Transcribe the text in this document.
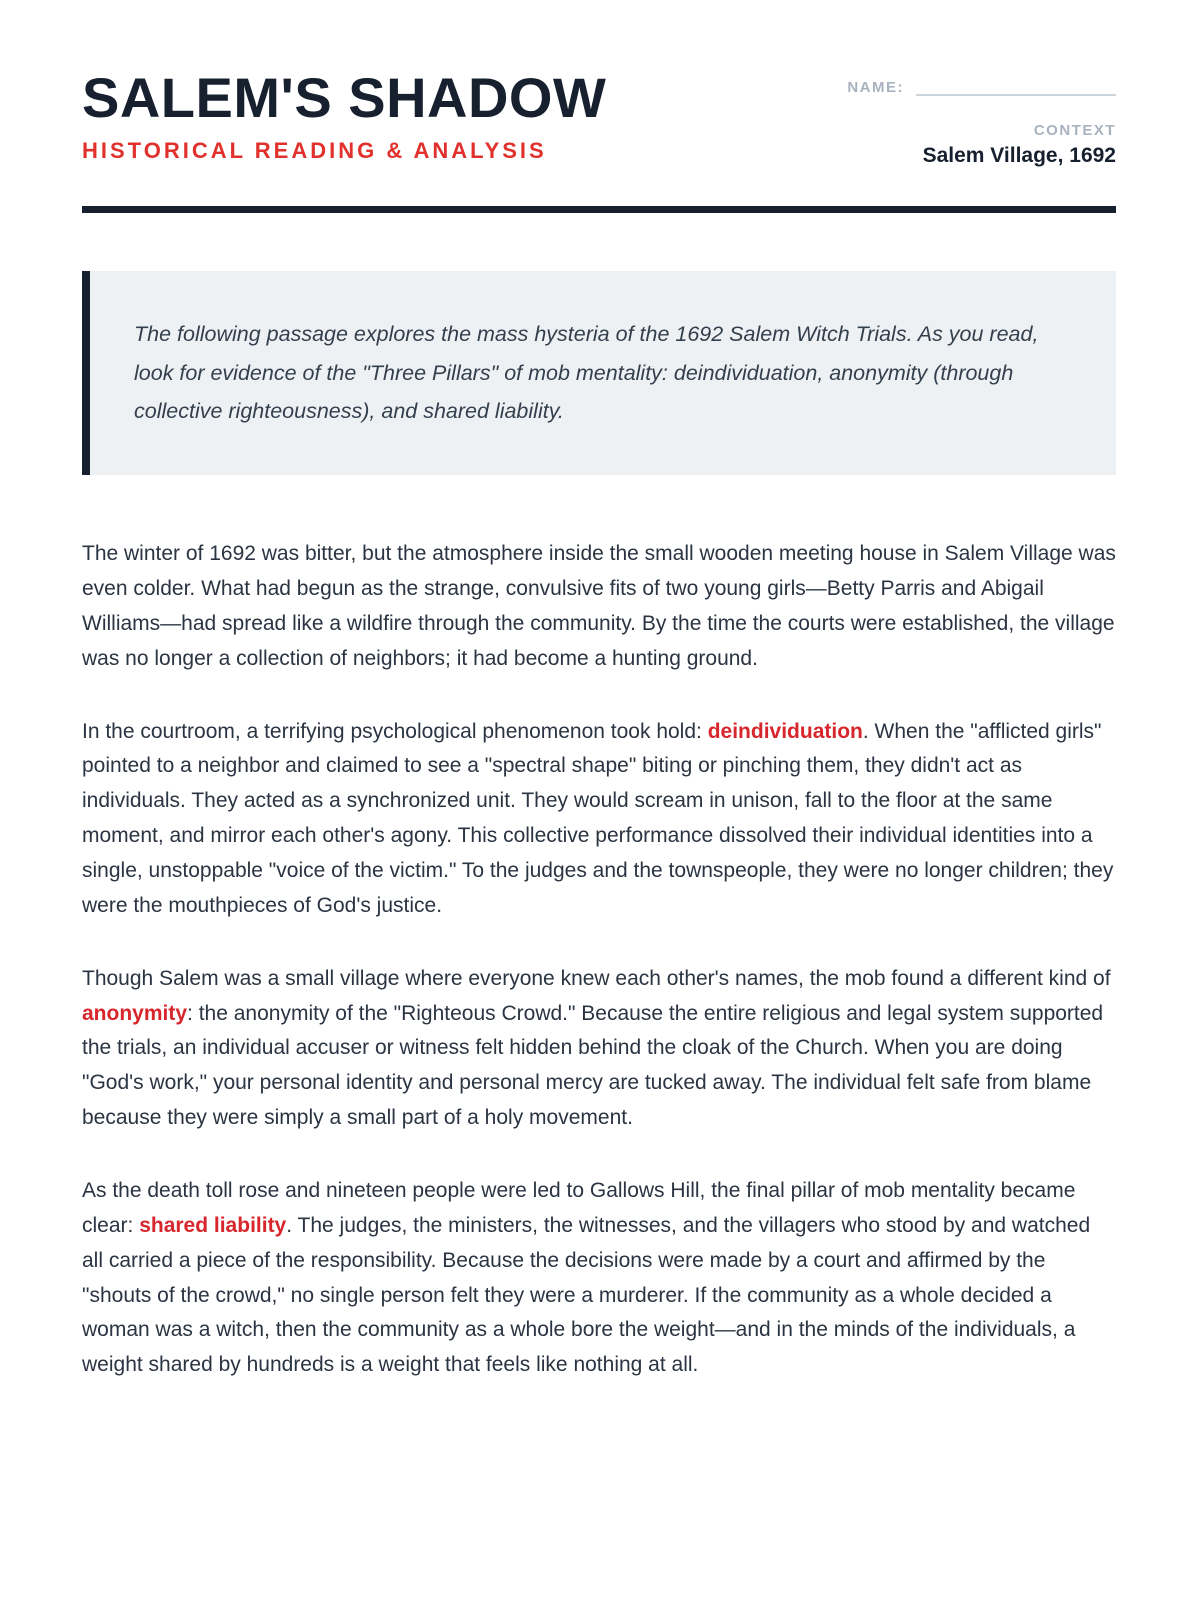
SALEM'S SHADOW
HISTORICAL READING & ANALYSIS
NAME:
CONTEXT
Salem Village, 1692
The following passage explores the mass hysteria of the 1692 Salem Witch Trials. As you read, look for evidence of the "Three Pillars" of mob mentality: deindividuation, anonymity (through collective righteousness), and shared liability.

The winter of 1692 was bitter, but the atmosphere inside the small wooden meeting house in Salem Village was even colder. What had begun as the strange, convulsive fits of two young girls—Betty Parris and Abigail Williams—had spread like a wildfire through the community. By the time the courts were established, the village was no longer a collection of neighbors; it had become a hunting ground.

In the courtroom, a terrifying psychological phenomenon took hold: deindividuation. When the "afflicted girls" pointed to a neighbor and claimed to see a "spectral shape" biting or pinching them, they didn't act as individuals. They acted as a synchronized unit. They would scream in unison, fall to the floor at the same moment, and mirror each other's agony. This collective performance dissolved their individual identities into a single, unstoppable "voice of the victim." To the judges and the townspeople, they were no longer children; they were the mouthpieces of God's justice.

Though Salem was a small village where everyone knew each other's names, the mob found a different kind of anonymity: the anonymity of the "Righteous Crowd." Because the entire religious and legal system supported the trials, an individual accuser or witness felt hidden behind the cloak of the Church. When you are doing "God's work," your personal identity and personal mercy are tucked away. The individual felt safe from blame because they were simply a small part of a holy movement.

As the death toll rose and nineteen people were led to Gallows Hill, the final pillar of mob mentality became clear: shared liability. The judges, the ministers, the witnesses, and the villagers who stood by and watched all carried a piece of the responsibility. Because the decisions were made by a court and affirmed by the "shouts of the crowd," no single person felt they were a murderer. If the community as a whole decided a woman was a witch, then the community as a whole bore the weight—and in the minds of the individuals, a weight shared by hundreds is a weight that feels like nothing at all.
